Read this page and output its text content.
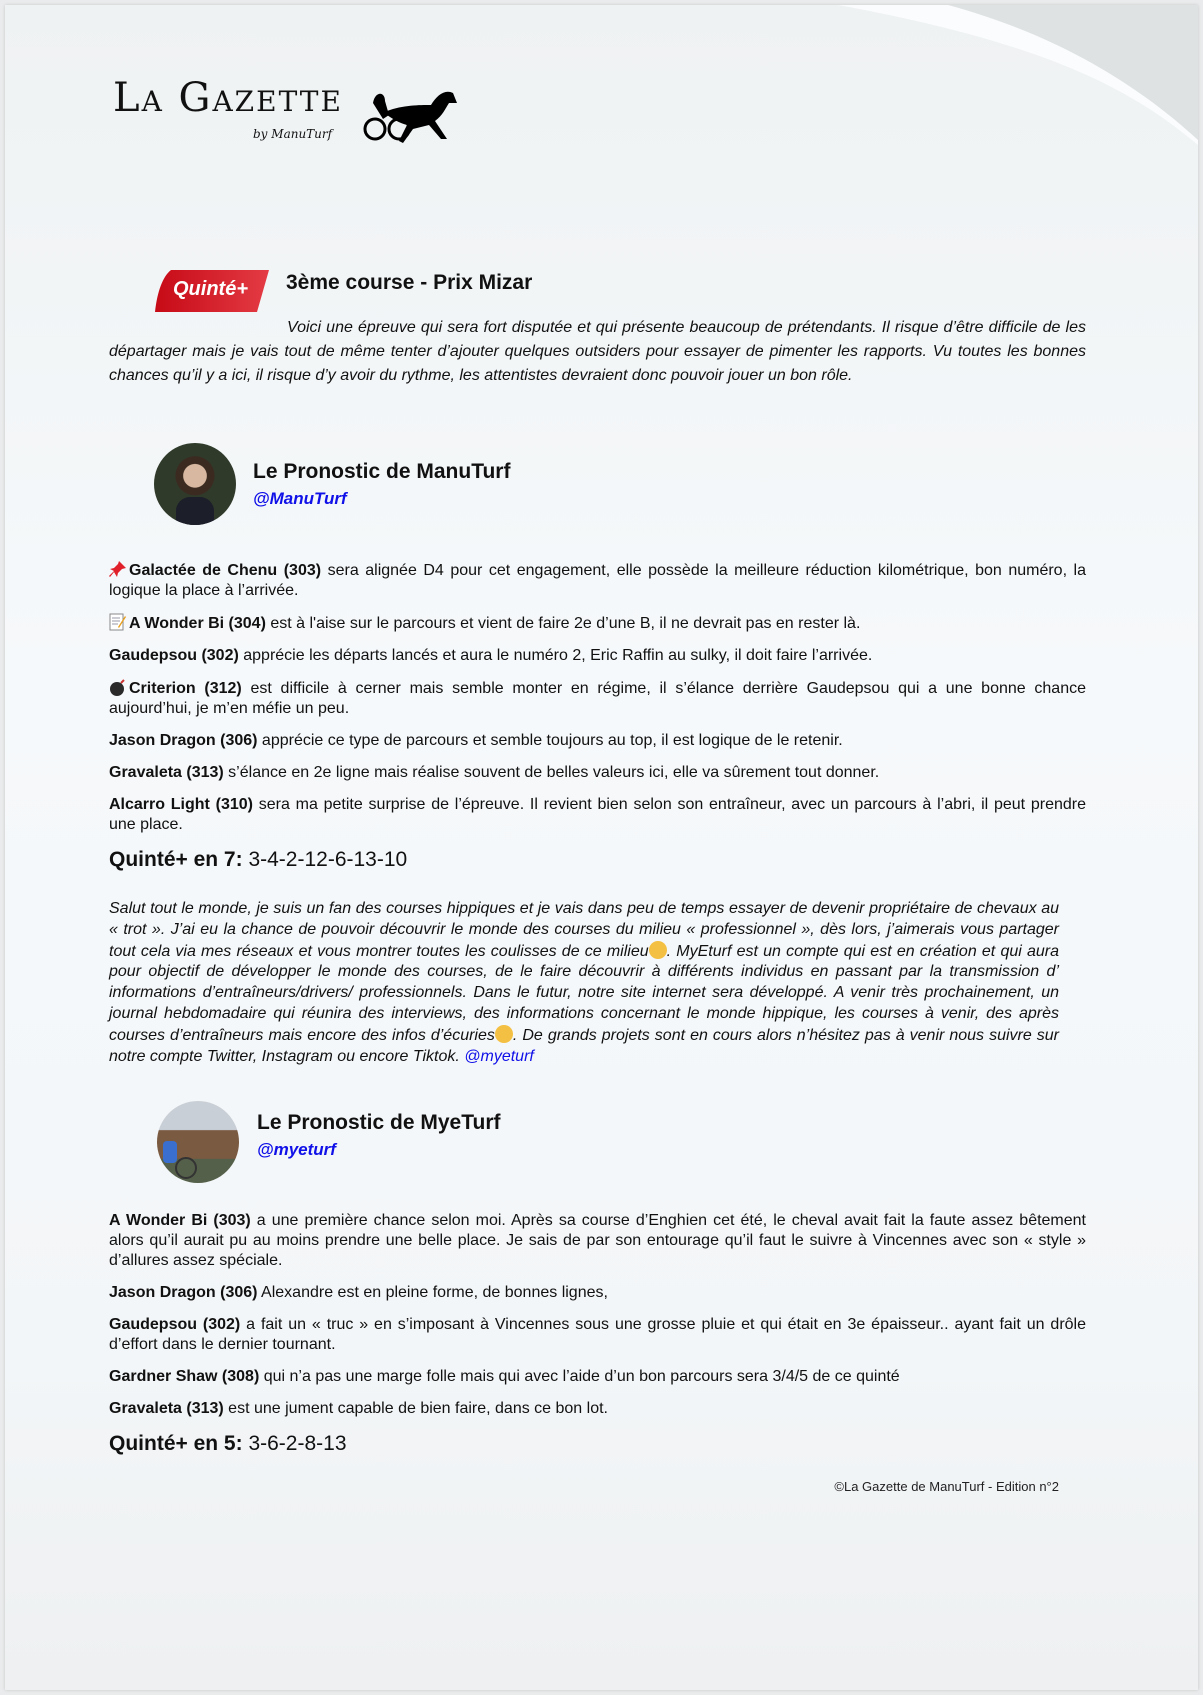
La Gazette
by ManuTurf
Quinté+ 3ème course - Prix Mizar

Voici une épreuve qui sera fort disputée et qui présente beaucoup de prétendants. Il risque d’être difficile de les départager mais je vais tout de même tenter d’ajouter quelques outsiders pour essayer de pimenter les rapports. Vu toutes les bonnes chances qu’il y a ici, il risque d’y avoir du rythme, les attentistes devraient donc pouvoir jouer un bon rôle.

Le Pronostic de ManuTurf
@ManuTurf

Galactée de Chenu (303) sera alignée D4 pour cet engagement, elle possède la meilleure réduction kilométrique, bon numéro, la logique la place à l’arrivée.

A Wonder Bi (304) est à l'aise sur le parcours et vient de faire 2e d’une B, il ne devrait pas en rester là.

Gaudepsou (302) apprécie les départs lancés et aura le numéro 2, Eric Raffin au sulky, il doit faire l’arrivée.

Criterion (312) est difficile à cerner mais semble monter en régime, il s’élance derrière Gaudepsou qui a une bonne chance aujourd’hui, je m’en méfie un peu.

Jason Dragon (306) apprécie ce type de parcours et semble toujours au top, il est logique de le retenir.

Gravaleta (313) s’élance en 2e ligne mais réalise souvent de belles valeurs ici, elle va sûrement tout donner.

Alcarro Light (310) sera ma petite surprise de l’épreuve. Il revient bien selon son entraîneur, avec un parcours à l’abri, il peut prendre une place.

Quinté+ en 7: 3-4-2-12-6-13-10

Salut tout le monde, je suis un fan des courses hippiques et je vais dans peu de temps essayer de devenir propriétaire de chevaux au « trot ». J’ai eu la chance de pouvoir découvrir le monde des courses du milieu « professionnel », dès lors, j’aimerais vous partager tout cela via mes réseaux et vous montrer toutes les coulisses de ce milieu . MyEturf est un compte qui est en création et qui aura pour objectif de développer le monde des courses, de le faire découvrir à différents individus en passant par la transmission d’ informations d’entraîneurs/drivers/ professionnels. Dans le futur, notre site internet sera développé. A venir très prochainement, un journal hebdomadaire qui réunira des interviews, des informations concernant le monde hippique, les courses à venir, des après courses d’entraîneurs mais encore des infos d’écuries . De grands projets sont en cours alors n’hésitez pas à venir nous suivre sur notre compte Twitter, Instagram ou encore Tiktok. @myeturf

Le Pronostic de MyeTurf
@myeturf

A Wonder Bi (303) a une première chance selon moi. Après sa course d’Enghien cet été, le cheval avait fait la faute assez bêtement alors qu’il aurait pu au moins prendre une belle place. Je sais de par son entourage qu’il faut le suivre à Vincennes avec son « style » d’allures assez spéciale.

Jason Dragon (306) Alexandre est en pleine forme, de bonnes lignes,

Gaudepsou (302) a fait un « truc » en s’imposant à Vincennes sous une grosse pluie et qui était en 3e épaisseur.. ayant fait un drôle d’effort dans le dernier tournant.

Gardner Shaw (308) qui n’a pas une marge folle mais qui avec l’aide d’un bon parcours sera 3/4/5 de ce quinté

Gravaleta (313) est une jument capable de bien faire, dans ce bon lot.

Quinté+ en 5: 3-6-2-8-13
©La Gazette de ManuTurf - Edition n°2
